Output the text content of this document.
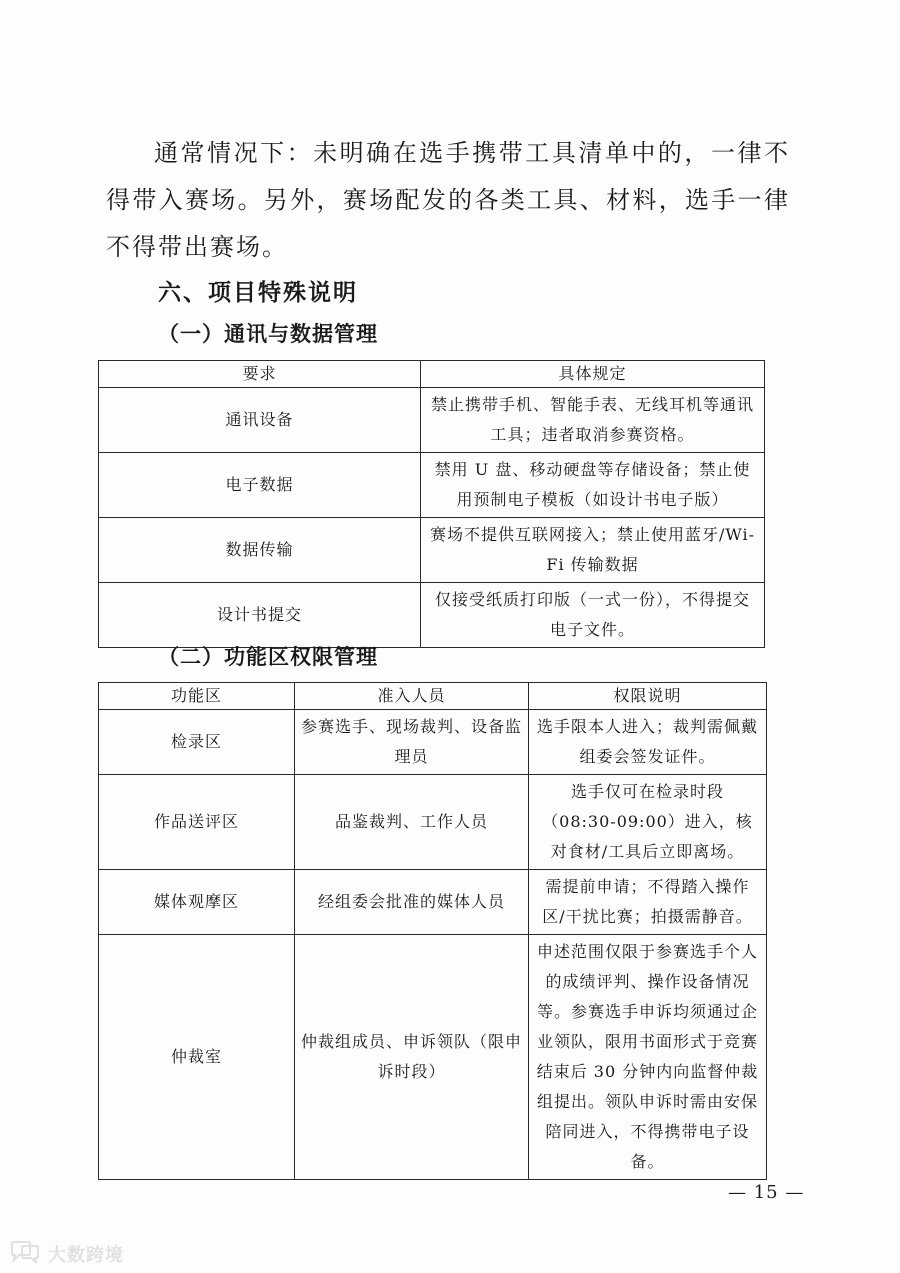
通常情况下：未明确在选手携带工具清单中的，一律不得带入赛场。另外，赛场配发的各类工具、材料，选手一律不得带出赛场。

六、项目特殊说明
（一）通讯与数据管理
要求	具体规定
通讯设备	禁止携带手机、智能手表、无线耳机等通讯工具；违者取消参赛资格。
电子数据	禁用 U 盘、移动硬盘等存储设备；禁止使用预制电子模板（如设计书电子版）
数据传输	赛场不提供互联网接入；禁止使用蓝牙/Wi-Fi 传输数据
设计书提交	仅接受纸质打印版（一式一份），不得提交电子文件。
（二）功能区权限管理
功能区	准入人员	权限说明
检录区	参赛选手、现场裁判、设备监理员	选手限本人进入；裁判需佩戴组委会签发证件。
作品送评区	品鉴裁判、工作人员	选手仅可在检录时段（08:30-09:00）进入，核对食材/工具后立即离场。
媒体观摩区	经组委会批准的媒体人员	需提前申请；不得踏入操作区/干扰比赛；拍摄需静音。
仲裁室	仲裁组成员、申诉领队（限申诉时段）	申述范围仅限于参赛选手个人的成绩评判、操作设备情况等。参赛选手申诉均须通过企业领队，限用书面形式于竞赛结束后 30 分钟内向监督仲裁组提出。领队申诉时需由安保陪同进入，不得携带电子设备。

— 15 —

大数跨境
